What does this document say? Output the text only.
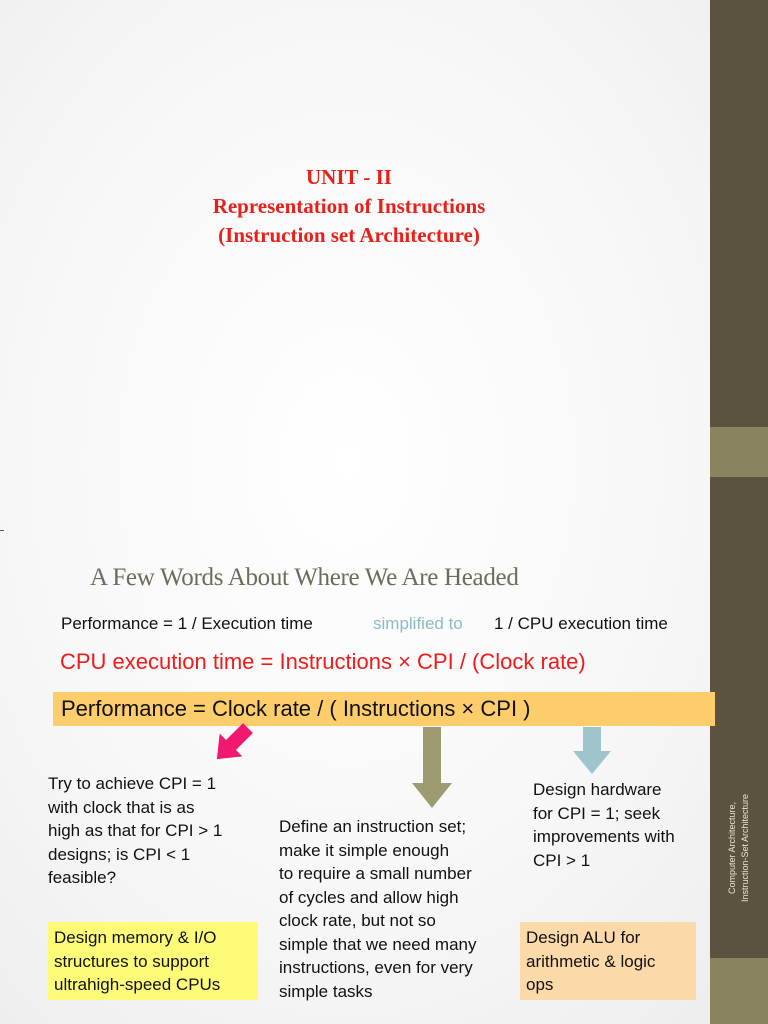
Computer Architecture, Instruction-Set Architecture
UNIT - II
Representation of Instructions
(Instruction set Architecture)
A Few Words About Where We Are Headed
Performance = 1 / Execution time	simplified to 1 / CPU execution time
CPU execution time = Instructions × CPI / (Clock rate)
Performance = Clock rate / ( Instructions × CPI )
Try to achieve CPI = 1
with clock that is as
high as that for CPI > 1
designs; is CPI < 1
feasible?
Define an instruction set;
make it simple enough
to require a small number
of cycles and allow high
clock rate, but not so
simple that we need many
instructions, even for very
simple tasks
Design hardware
for CPI = 1; seek
improvements with
CPI > 1
Design memory & I/O
structures to support
ultrahigh-speed CPUs
Design ALU for
arithmetic & logic
ops
